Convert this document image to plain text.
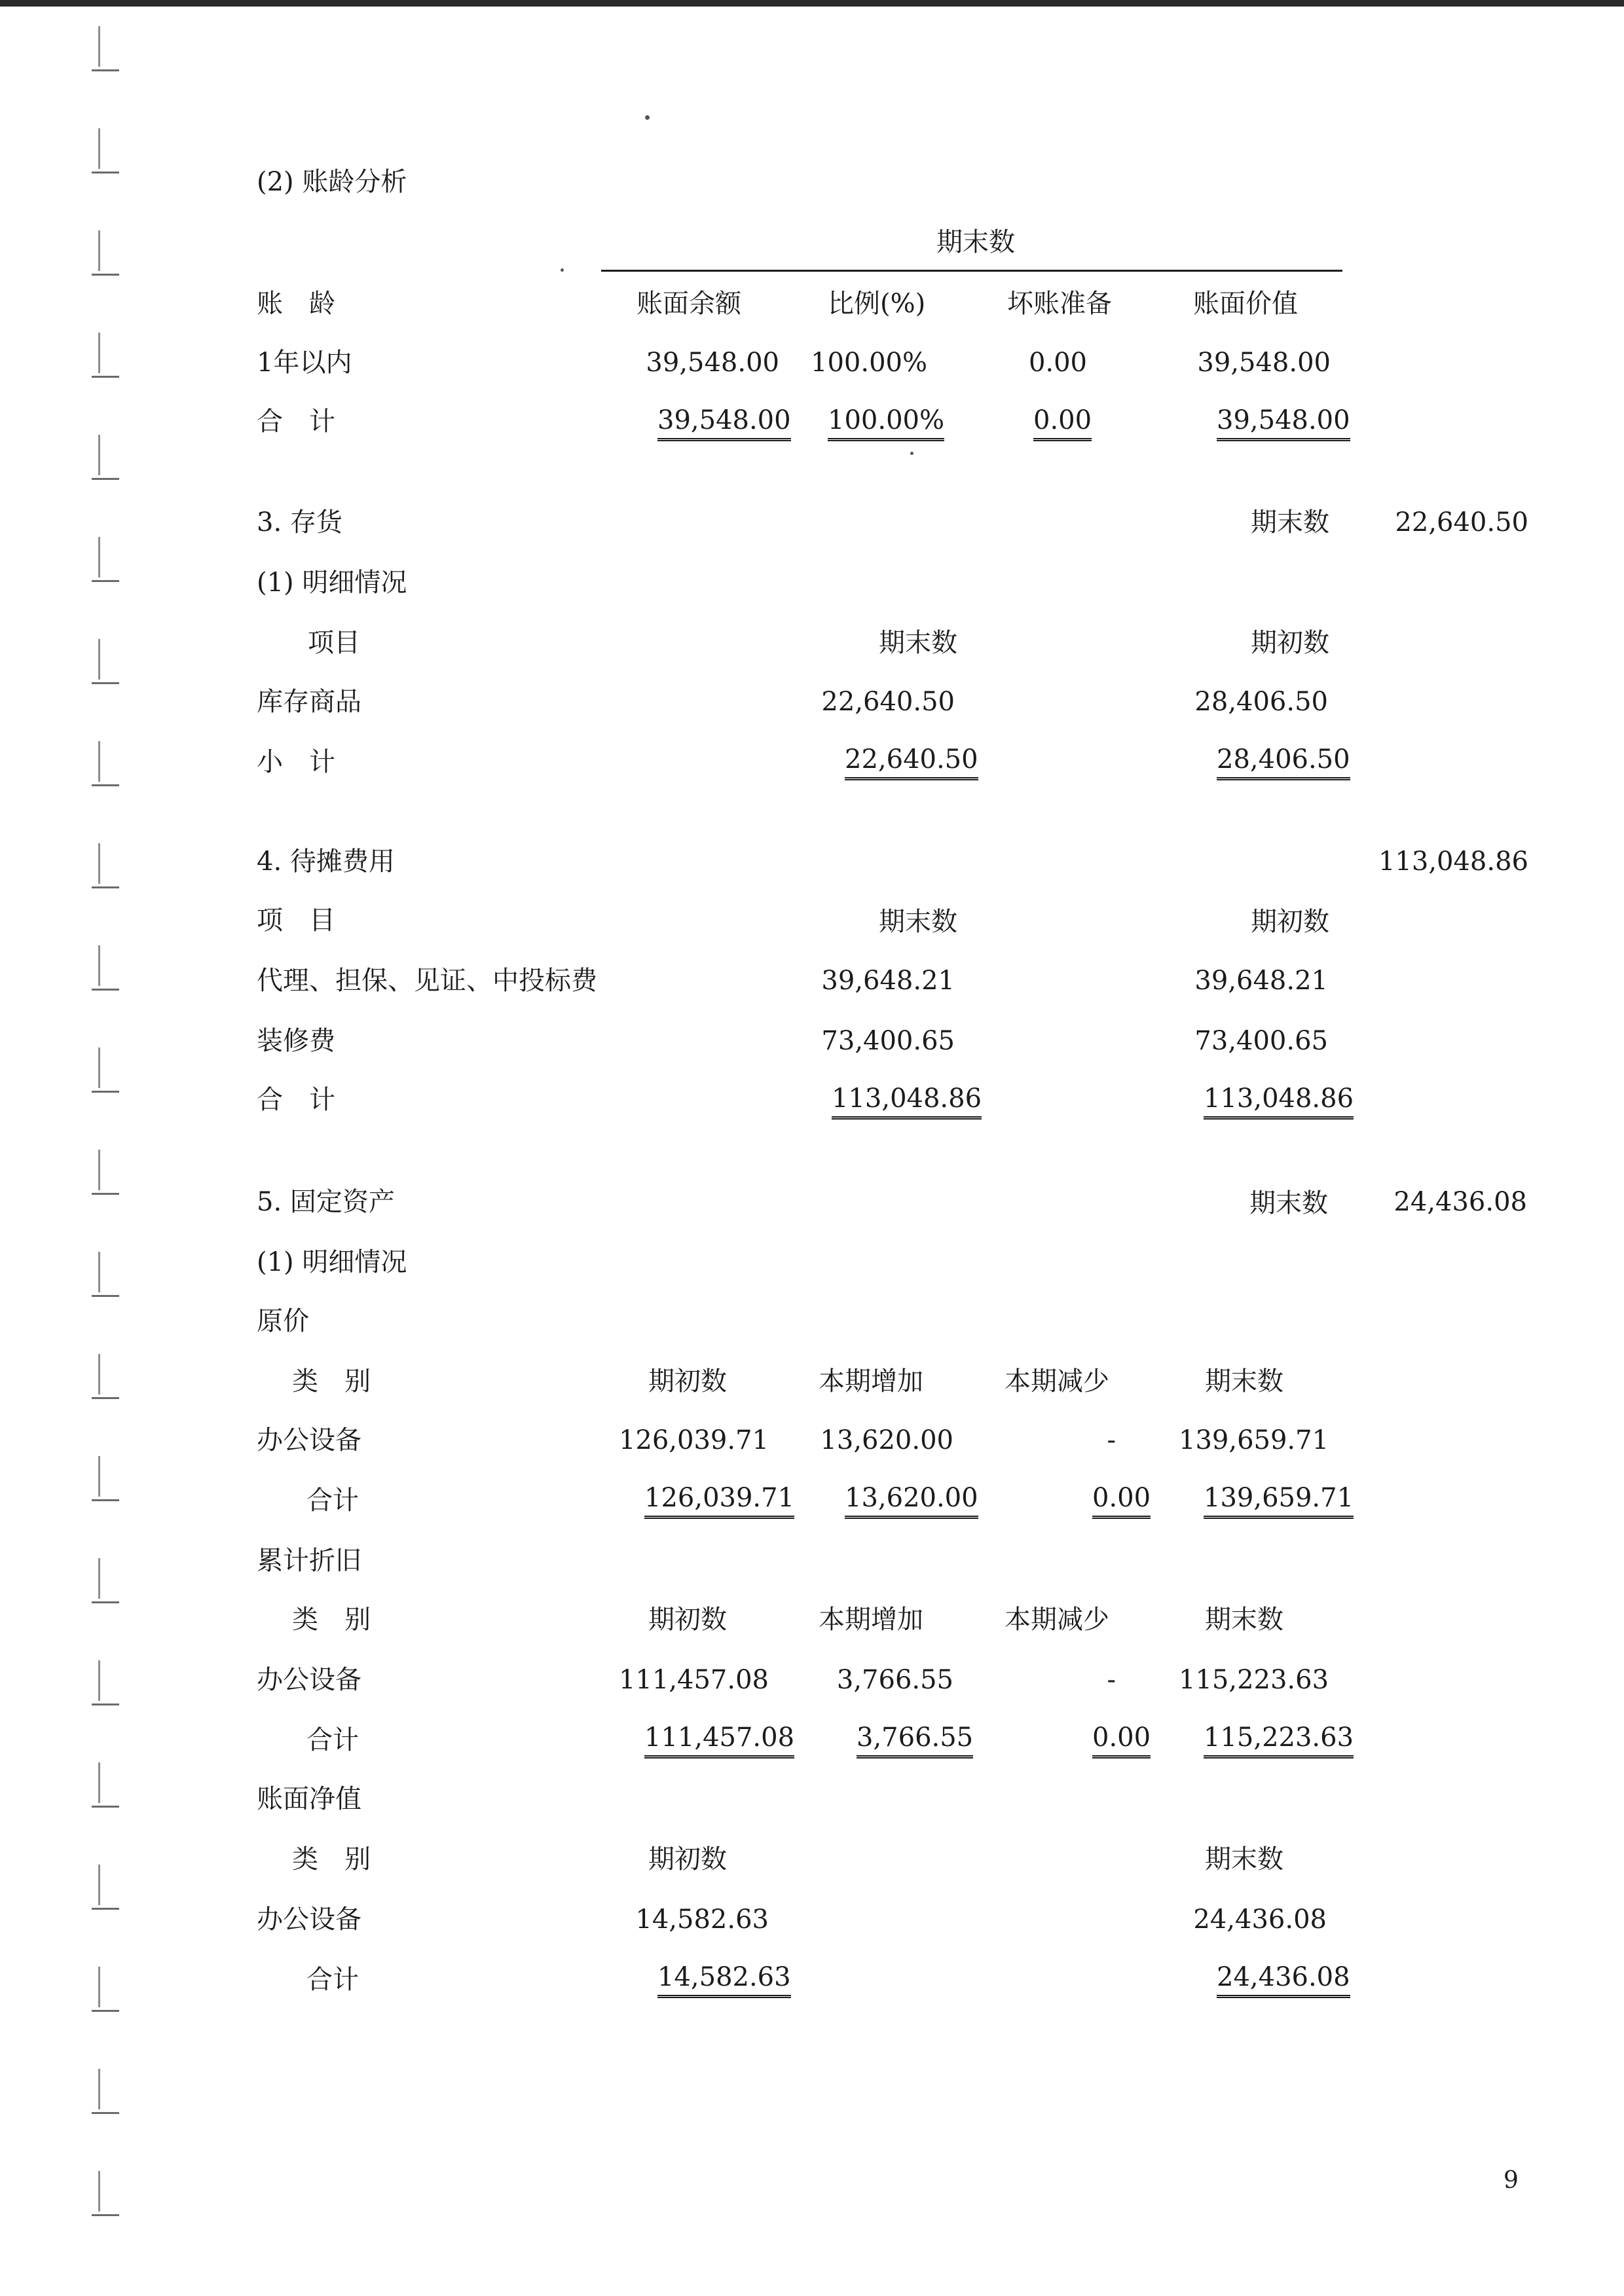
(2) 账龄分析
期末数
账　龄	账面余额	比例(%)	坏账准备	账面价值
1年以内	39,548.00	100.00%	0.00	39,548.00
合　计	39,548.00 100.00%	0.00	39,548.00
3. 存货	期末数	22,640.50
(1) 明细情况
项目	期末数	期初数
库存商品	22,640.50	28,406.50
小　计	22,640.50	28,406.50
4. 待摊费用	113,048.86
项　目	期末数	期初数
代理、担保、见证、中投标费	39,648.21	39,648.21
装修费	73,400.65	73,400.65
合　计	113,048.86	113,048.86
5. 固定资产	期末数	24,436.08
(1) 明细情况
原价
类　别	期初数	本期增加	本期减少	期末数
办公设备	126,039.71	13,620.00	- 139,659.71
合计	126,039.71 13,620.00	0.00 139,659.71
累计折旧
类　别	期初数	本期增加	本期减少	期末数
办公设备	111,457.08	3,766.55	- 115,223.63
合计	111,457.08 3,766.55	0.00 115,223.63
账面净值
类　别	期初数	期末数
办公设备	14,582.63	24,436.08
合计	14,582.63	24,436.08
9
